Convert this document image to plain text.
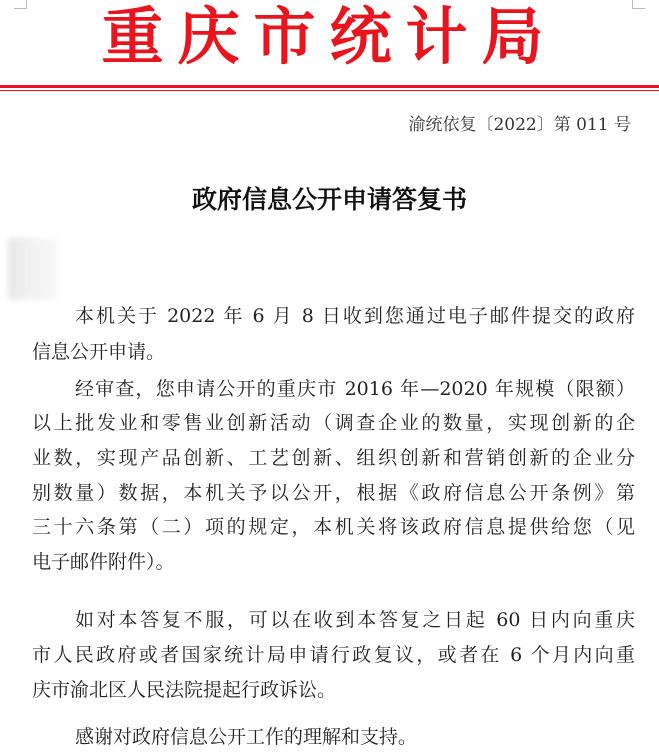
重庆市统计局
渝统依复〔2022〕第 011 号
政府信息公开申请答复书
本机关于 2022 年 6 月 8 日收到您通过电子邮件提交的政府
信息公开申请。
经审查，您申请公开的重庆市 2016 年—2020 年规模（限额）
以上批发业和零售业创新活动（调查企业的数量，实现创新的企
业数，实现产品创新、工艺创新、组织创新和营销创新的企业分
别数量）数据，本机关予以公开，根据《政府信息公开条例》第
三十六条第（二）项的规定，本机关将该政府信息提供给您（见
电子邮件附件）。
如对本答复不服，可以在收到本答复之日起 60 日内向重庆
市人民政府或者国家统计局申请行政复议，或者在 6 个月内向重
庆市渝北区人民法院提起行政诉讼。
感谢对政府信息公开工作的理解和支持。
